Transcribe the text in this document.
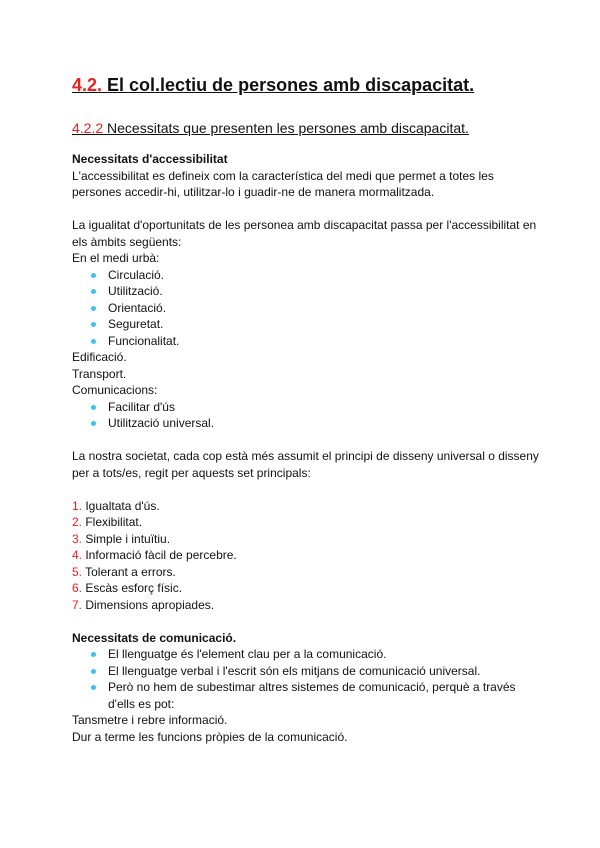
4.2. El col.lectiu de persones amb discapacitat.
4.2.2 Necessitats que presenten les persones amb discapacitat.

Necessitats d'accessibilitat

L'accessibilitat es defineix com la característica del medi que permet a totes les persones accedir-hi, utilitzar-lo i guadir-ne de manera mormalitzada.

La igualitat d'oportunitats de les personea amb discapacitat passa per l'accessibilitat en els àmbits següents:

En el medi urbà:

Circulació.
Utilització.
Orientació.
Seguretat.
Funcionalitat.

Edificació.

Transport.

Comunicacions:

Facilitar d'ús
Utilització universal.

La nostra societat, cada cop està més assumit el principi de disseny universal o disseny per a tots/es, regit per aquests set principals:

1. Igualtata d'ús.
2. Flexibilitat.
3. Simple i intuïtiu.
4. Informació fàcil de percebre.
5. Tolerant a errors.
6. Escàs esforç físic.
7. Dimensions apropiades.

Necessitats de comunicació.

El llenguatge és l'element clau per a la comunicació.
El llenguatge verbal i l'escrit són els mitjans de comunicació universal.
Però no hem de subestimar altres sistemes de comunicació, perquè a través d'ells es pot:

Tansmetre i rebre informació.

Dur a terme les funcions pròpies de la comunicació.
